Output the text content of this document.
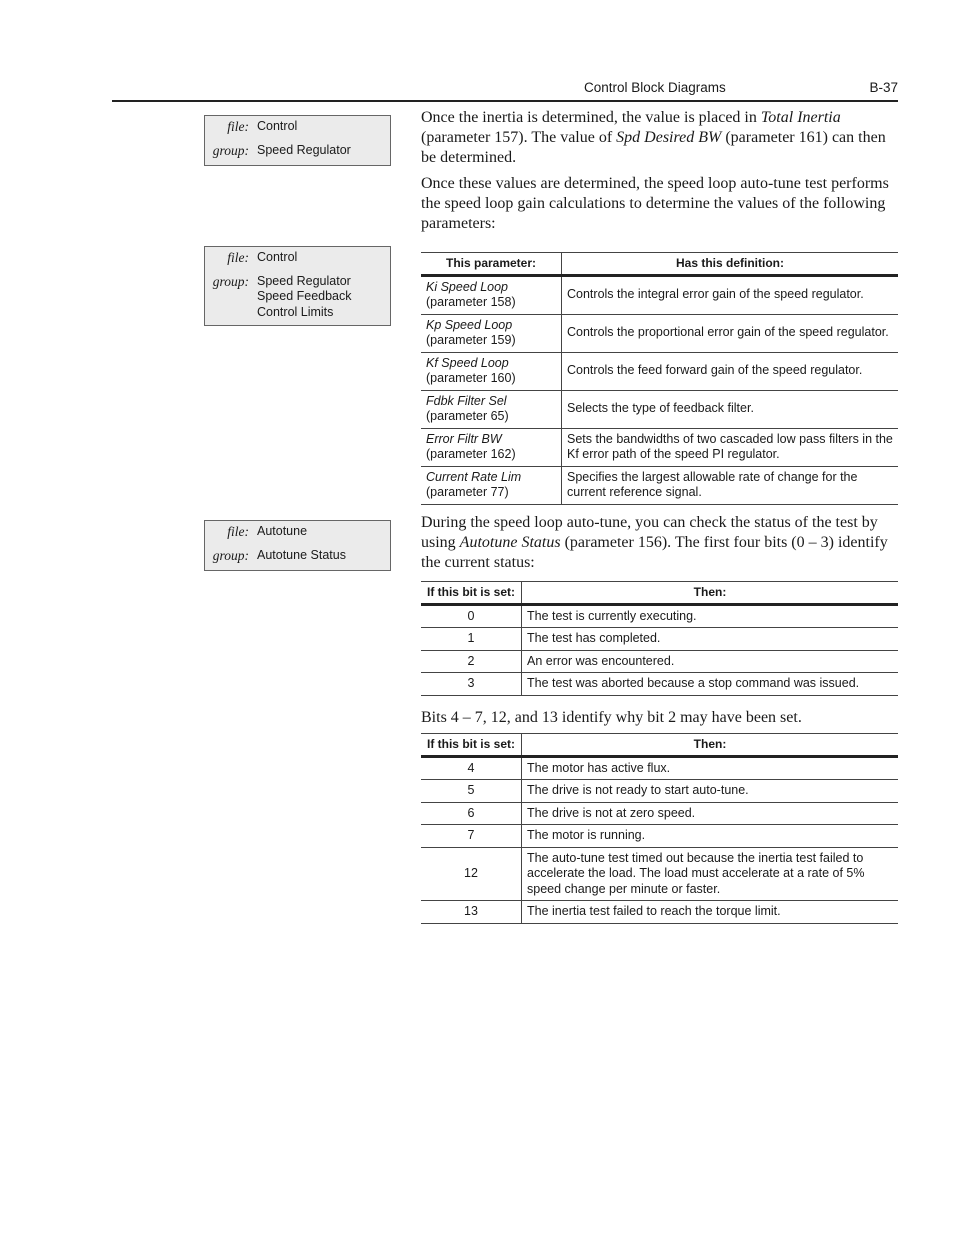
Control Block Diagrams	B-37
file: Control
group: Speed Regulator
file: Control
group: Speed Regulator
Speed Feedback
Control Limits
file: Autotune
group: Autotune Status

Once the inertia is determined, the value is placed in Total Inertia (parameter 157). The value of Spd Desired BW (parameter 161) can then be determined.

Once these values are determined, the speed loop auto-tune test performs the speed loop gain calculations to determine the values of the following parameters:

This parameter:	Has this definition:

Ki Speed Loop
(parameter 158)	Controls the integral error gain of the speed regulator.

Kp Speed Loop
(parameter 159)	Controls the proportional error gain of the speed regulator.

Kf Speed Loop
(parameter 160)	Controls the feed forward gain of the speed regulator.

Fdbk Filter Sel
(parameter 65)	Selects the type of feedback filter.

Error Filtr BW
(parameter 162)	Sets the bandwidths of two cascaded low pass filters in the Kf error path of the speed PI regulator.

Current Rate Lim
(parameter 77)	Specifies the largest allowable rate of change for the current reference signal.

During the speed loop auto-tune, you can check the status of the test by using Autotune Status (parameter 156). The first four bits (0 – 3) identify the current status:

If this bit is set:	Then:
0	The test is currently executing.
1	The test has completed.
2	An error was encountered.
3	The test was aborted because a stop command was issued.

Bits 4 – 7, 12, and 13 identify why bit 2 may have been set.

If this bit is set:	Then:
4	The motor has active flux.
5	The drive is not ready to start auto-tune.
6	The drive is not at zero speed.
7	The motor is running.
12	The auto-tune test timed out because the inertia test failed to accelerate the load. The load must accelerate at a rate of 5% speed change per minute or faster.
13	The inertia test failed to reach the torque limit.
